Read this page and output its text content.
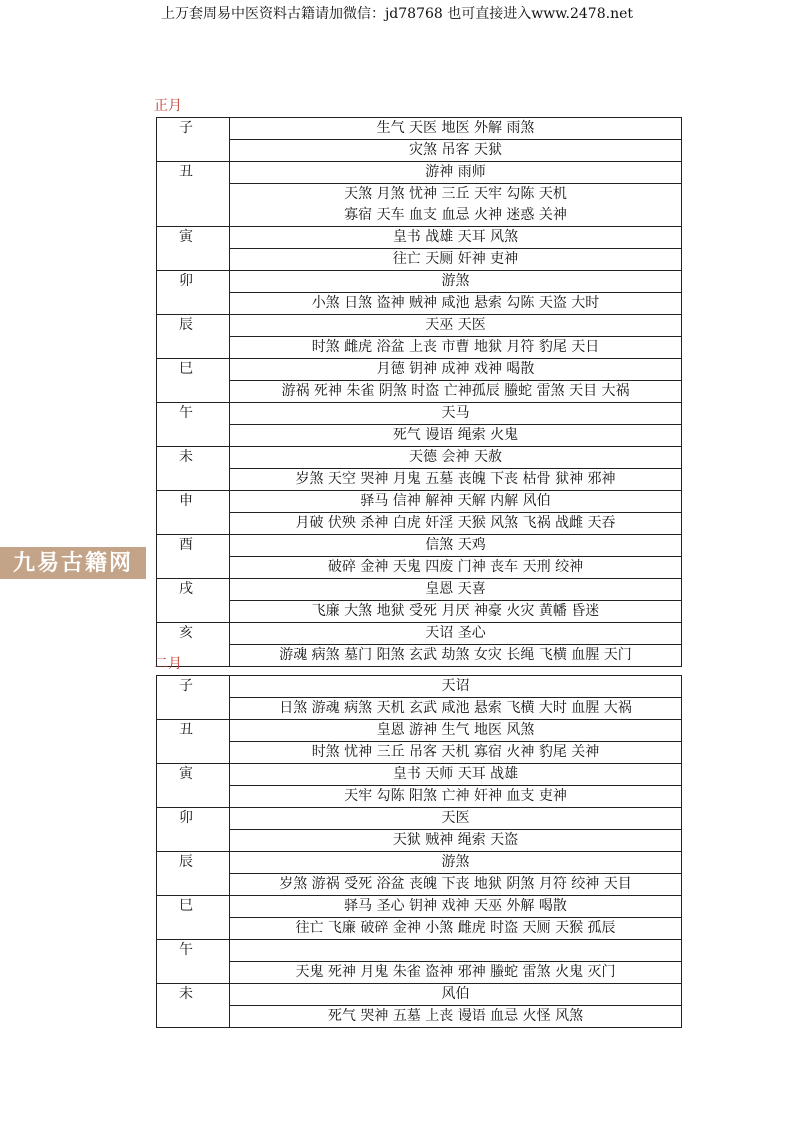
上万套周易中医资料古籍请加微信：jd78768 也可直接进入www.2478.net
正月
子	生气 天医 地医 外解 雨煞

	灾煞 吊客 天狱

丑	游神 雨师

	天煞 月煞 忧神 三丘 天牢 勾陈 天机
寡宿 天车 血支 血忌 火神 迷惑 关神

寅	皇书 战雄 天耳 风煞

	往亡 天厕 奸神 吏神

卯	游煞

	小煞 日煞 盗神 贼神 咸池 悬索 勾陈 天盗 大时

辰	天巫 天医

	时煞 雌虎 浴盆 上丧 市曹 地狱 月符 豹尾 天日

巳	月德 钥神 成神 戏神 喝散

	游祸 死神 朱雀 阴煞 时盗 亡神孤辰 螣蛇 雷煞 天目 大祸

午	天马

	死气 谩语 绳索 火鬼

未	天德 会神 天赦

	岁煞 天空 哭神 月鬼 五墓 丧魄 下丧 枯骨 狱神 邪神

申	驿马 信神 解神 天解 内解 风伯

	月破 伏殃 杀神 白虎 奸淫 天猴 风煞 飞祸 战雌 天吞

酉	信煞 天鸡

	破碎 金神 天鬼 四废 门神 丧车 天刑 绞神

戌	皇恩 天喜

	飞廉 大煞 地狱 受死 月厌 神豪 火灾 黄幡 昏迷

亥	天诏 圣心

	游魂 病煞 墓门 阳煞 玄武 劫煞 女灾 长绳 飞横 血腥 天门
二月
子	天诏

	日煞 游魂 病煞 天机 玄武 咸池 悬索 飞横 大时 血腥 大祸

丑	皇恩 游神 生气 地医 风煞

	时煞 忧神 三丘 吊客 天机 寡宿 火神 豹尾 关神

寅	皇书 天师 天耳 战雄

	天牢 勾陈 阳煞 亡神 奸神 血支 吏神

卯	天医

	天狱 贼神 绳索 天盗

辰	游煞

	岁煞 游祸 受死 浴盆 丧魄 下丧 地狱 阴煞 月符 绞神 天目

巳	驿马 圣心 钥神 戏神 天巫 外解 喝散

	往亡 飞廉 破碎 金神 小煞 雌虎 时盗 天厕 天猴 孤辰

午	

	天鬼 死神 月鬼 朱雀 盗神 邪神 螣蛇 雷煞 火鬼 灭门

未	风伯

	死气 哭神 五墓 上丧 谩语 血忌 火怪 风煞
九易古籍网
